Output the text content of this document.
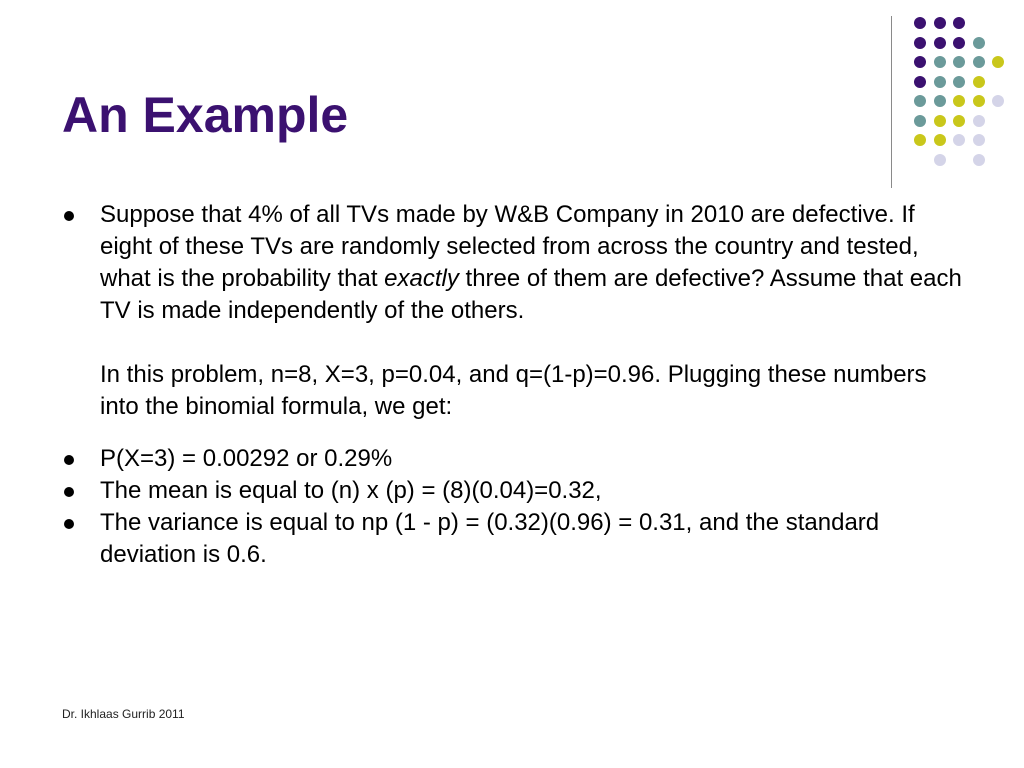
An Example
Suppose that 4% of all TVs made by W&B Company in 2010 are defective. If eight of these TVs are randomly selected from across the country and tested, what is the probability that exactly three of them are defective? Assume that each TV is made independently of the others.
In this problem, n=8, X=3, p=0.04, and q=(1-p)=0.96. Plugging these numbers into the binomial formula, we get:
P(X=3) = 0.00292 or 0.29%
The mean is equal to (n) x (p) = (8)(0.04)=0.32,
The variance is equal to np (1 - p) = (0.32)(0.96) = 0.31, and the standard deviation is 0.6.
Dr. Ikhlaas Gurrib 2011
